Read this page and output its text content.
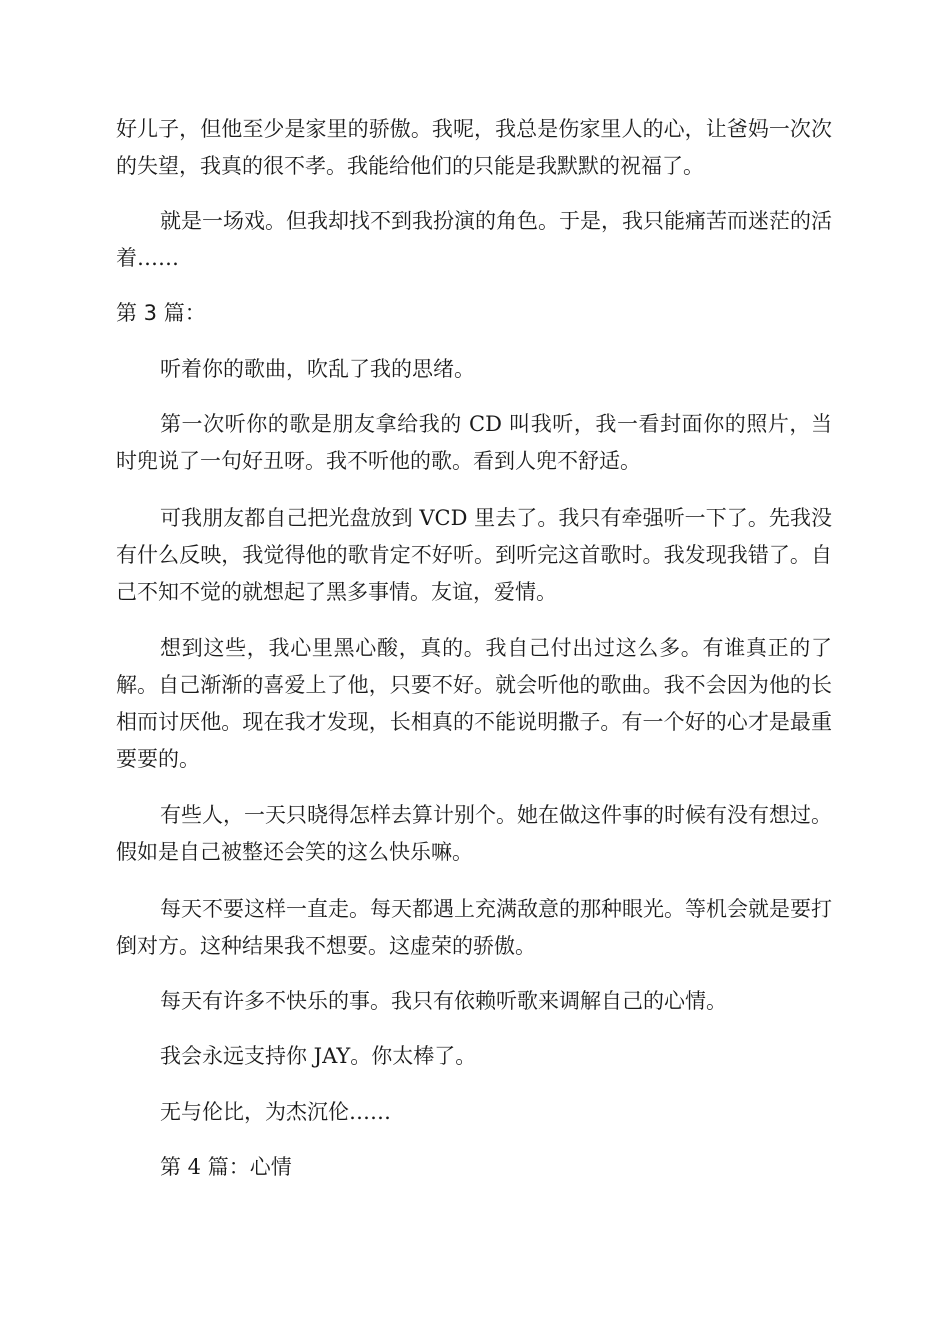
好儿子，但他至少是家里的骄傲。我呢，我总是伤家里人的心，让爸妈一次次的失望，我真的很不孝。我能给他们的只能是我默默的祝福了。

就是一场戏。但我却找不到我扮演的角色。于是，我只能痛苦而迷茫的活着……

第 3 篇：

听着你的歌曲，吹乱了我的思绪。

第一次听你的歌是朋友拿给我的 CD 叫我听，我一看封面你的照片，当时兜说了一句好丑呀。我不听他的歌。看到人兜不舒适。

可我朋友都自己把光盘放到 VCD 里去了。我只有牵强听一下了。先我没有什么反映，我觉得他的歌肯定不好听。到听完这首歌时。我发现我错了。自己不知不觉的就想起了黑多事情。友谊，爱情。

想到这些，我心里黑心酸，真的。我自己付出过这么多。有谁真正的了解。自己渐渐的喜爱上了他，只要不好。就会听他的歌曲。我不会因为他的长相而讨厌他。现在我才发现，长相真的不能说明撒子。有一个好的心才是最重要要的。

有些人，一天只晓得怎样去算计别个。她在做这件事的时候有没有想过。假如是自己被整还会笑的这么快乐嘛。

每天不要这样一直走。每天都遇上充满敌意的那种眼光。等机会就是要打倒对方。这种结果我不想要。这虚荣的骄傲。

每天有许多不快乐的事。我只有依赖听歌来调解自己的心情。

我会永远支持你 JAY。你太棒了。

无与伦比，为杰沉伦……

第 4 篇：心情
